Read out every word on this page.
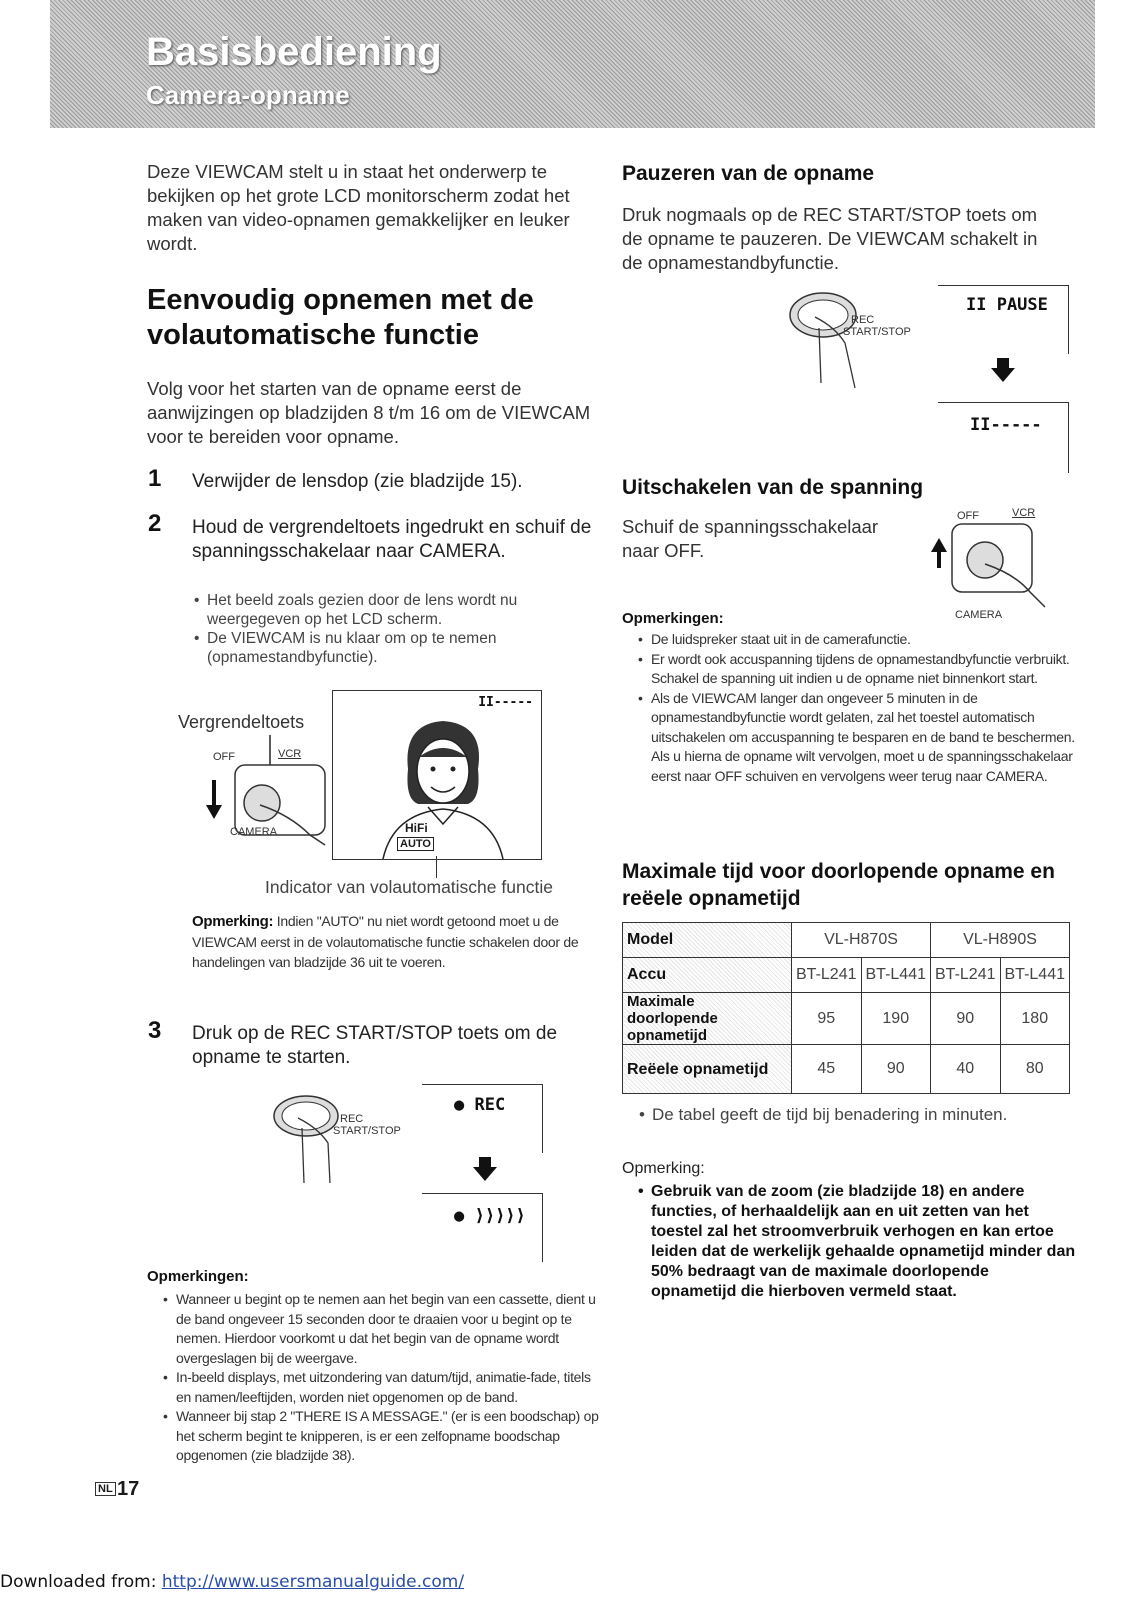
Basisbediening
Camera-opname
Deze VIEWCAM stelt u in staat het onderwerp te bekijken op het grote LCD monitorscherm zodat het maken van video-opnamen gemakkelijker en leuker wordt.
Eenvoudig opnemen met de volautomatische functie
Volg voor het starten van de opname eerst de aanwijzingen op bladzijden 8 t/m 16 om de VIEWCAM voor te bereiden voor opname.
1 Verwijder de lensdop (zie bladzijde 15).
2 Houd de vergrendeltoets ingedrukt en schuif de spanningsschakelaar naar CAMERA.
• Het beeld zoals gezien door de lens wordt nu weergegeven op het LCD scherm.
• De VIEWCAM is nu klaar om op te nemen (opnamestandbyfunctie).
Vergrendeltoets
OFF	VCR
CAMERA
II-----
HiFi
AUTO
Indicator van volautomatische functie
Opmerking: Indien "AUTO" nu niet wordt getoond moet u de VIEWCAM eerst in de volautomatische functie schakelen door de handelingen van bladzijde 36 uit te voeren.
3 Druk op de REC START/STOP toets om de opname te starten.
REC
START/STOP
● REC
● ⟩⟩⟩⟩⟩
Opmerkingen:
• Wanneer u begint op te nemen aan het begin van een cassette, dient u de band ongeveer 15 seconden door te draaien voor u begint op te nemen. Hierdoor voorkomt u dat het begin van de opname wordt overgeslagen bij de weergave.
• In-beeld displays, met uitzondering van datum/tijd, animatie-fade, titels en namen/leeftijden, worden niet opgenomen op de band.
• Wanneer bij stap 2 "THERE IS A MESSAGE." (er is een boodschap) op het scherm begint te knipperen, is er een zelfopname boodschap opgenomen (zie bladzijde 38).
NL 17
Pauzeren van de opname
Druk nogmaals op de REC START/STOP toets om de opname te pauzeren. De VIEWCAM schakelt in de opnamestandbyfunctie.
REC
START/STOP
II PAUSE
II-----
Uitschakelen van de spanning
Schuif de spanningsschakelaar naar OFF.
OFF	VCR
CAMERA
Opmerkingen:
• De luidspreker staat uit in de camerafunctie.
• Er wordt ook accuspanning tijdens de opnamestandbyfunctie verbruikt. Schakel de spanning uit indien u de opname niet binnenkort start.
• Als de VIEWCAM langer dan ongeveer 5 minuten in de opnamestandbyfunctie wordt gelaten, zal het toestel automatisch uitschakelen om accuspanning te besparen en de band te beschermen. Als u hierna de opname wilt vervolgen, moet u de spanningsschakelaar eerst naar OFF schuiven en vervolgens weer terug naar CAMERA.
Maximale tijd voor doorlopende opname en reëele opnametijd
Model	VL-H870S		VL-H890S	
Accu	BT-L241	BT-L441	BT-L241	BT-L441
Maximale doorlopende opnametijd	95	190	90	180
Reëele opnametijd	45	90	40	80
• De tabel geeft de tijd bij benadering in minuten.
Opmerking:
• Gebruik van de zoom (zie bladzijde 18) en andere functies, of herhaaldelijk aan en uit zetten van het toestel zal het stroomverbruik verhogen en kan ertoe leiden dat de werkelijk gehaalde opnametijd minder dan 50% bedraagt van de maximale doorlopende opnametijd die hierboven vermeld staat.
Downloaded from: http://www.usersmanualguide.com/
